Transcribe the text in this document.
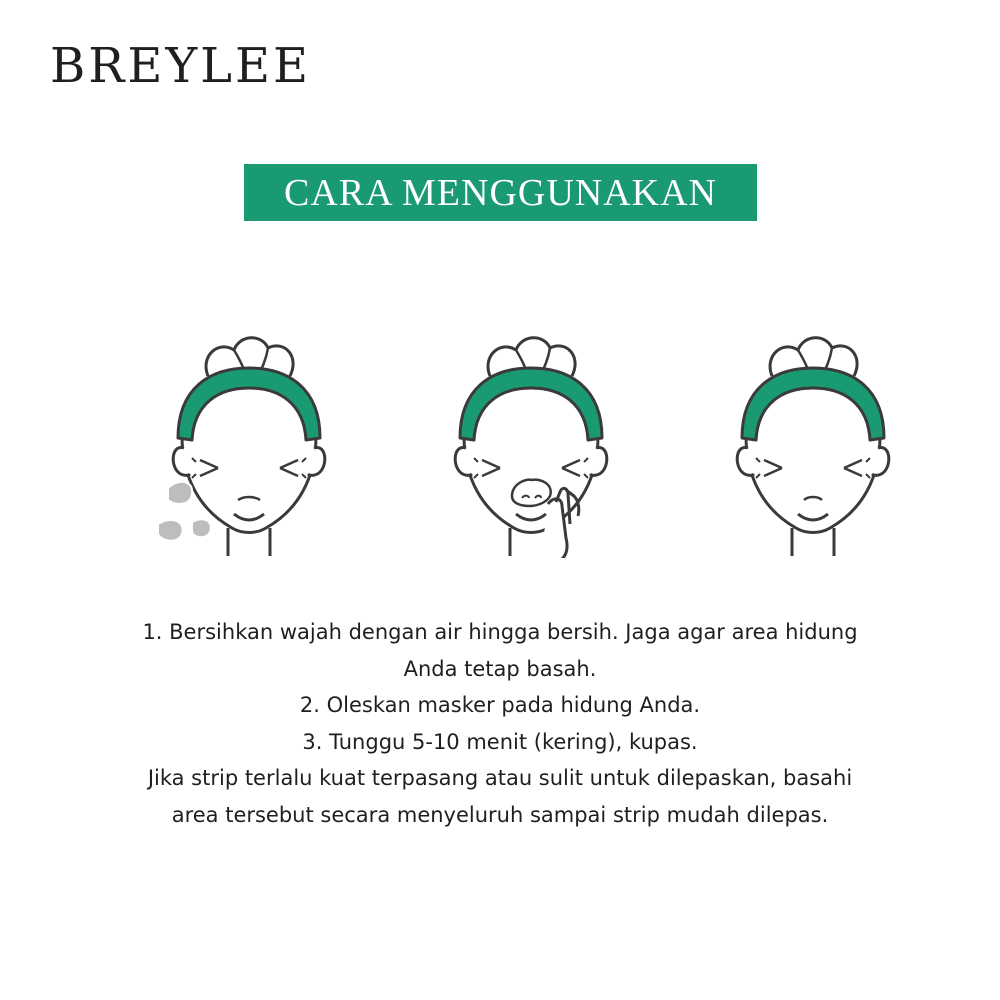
BREYLEE
CARA MENGGUNAKAN

1. Bersihkan wajah dengan air hingga bersih. Jaga agar area hidung

Anda tetap basah.

2. Oleskan masker pada hidung Anda.

3. Tunggu 5-10 menit (kering), kupas.

Jika strip terlalu kuat terpasang atau sulit untuk dilepaskan, basahi

area tersebut secara menyeluruh sampai strip mudah dilepas.
